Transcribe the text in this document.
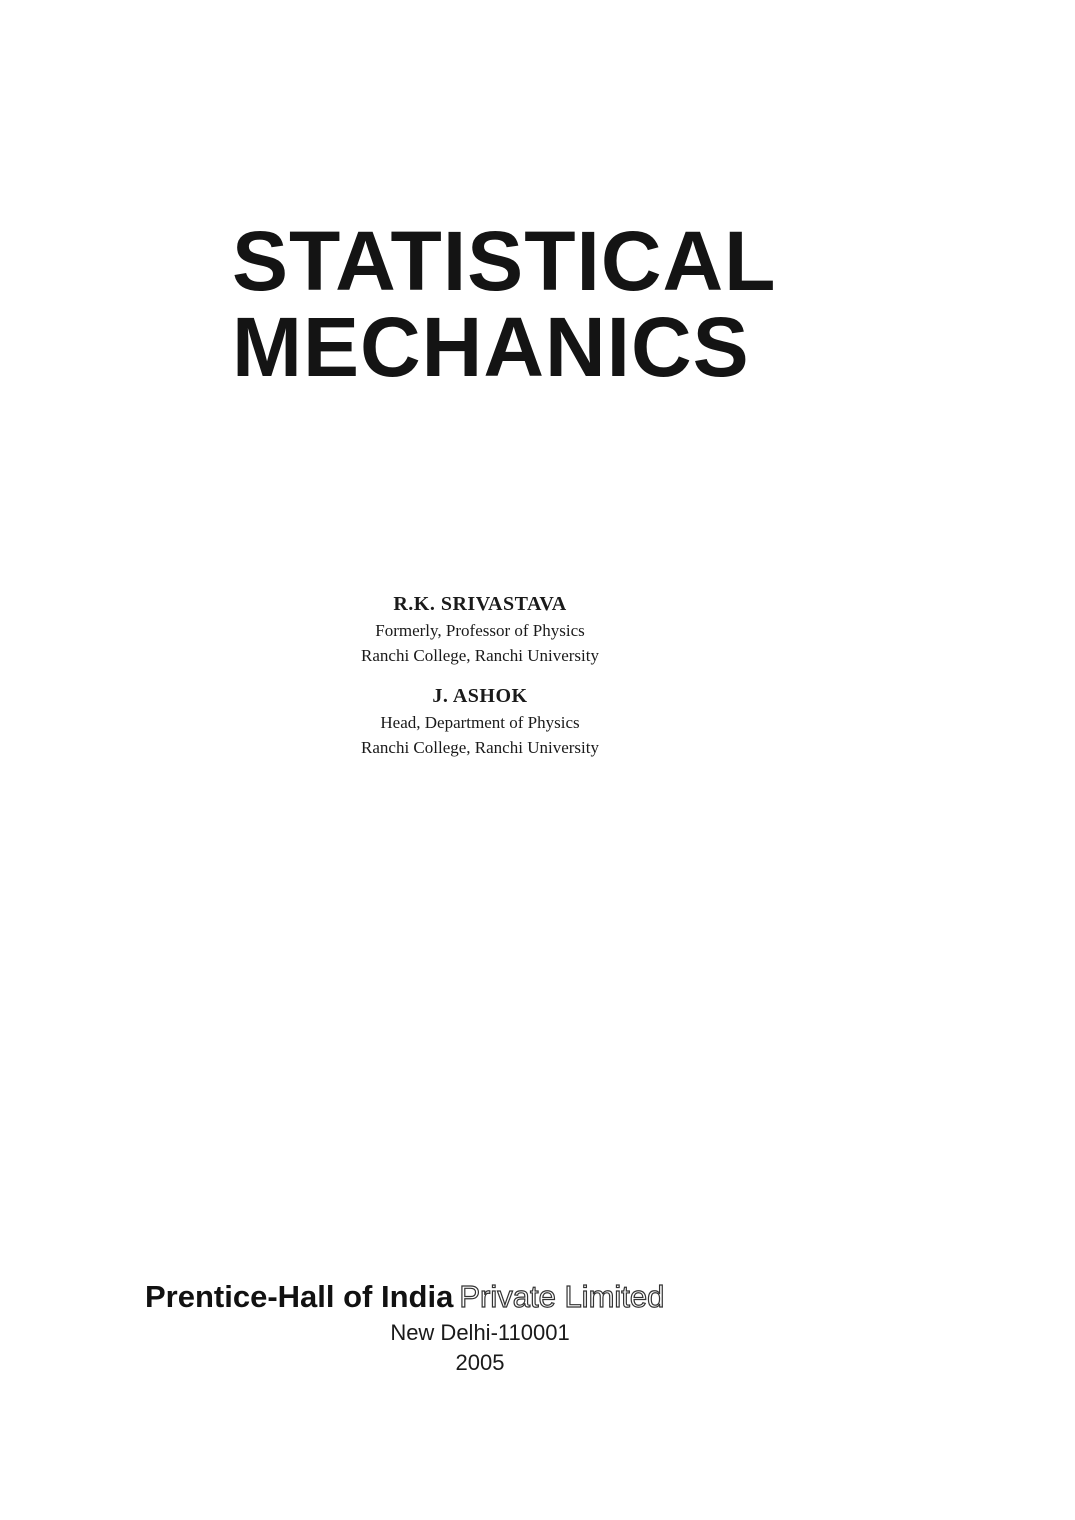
STATISTICAL
MECHANICS
R.K. SRIVASTAVA
Formerly, Professor of Physics
Ranchi College, Ranchi University
J. ASHOK
Head, Department of Physics
Ranchi College, Ranchi University
Prentice-Hall of India Private Limited
New Delhi-110001
2005
